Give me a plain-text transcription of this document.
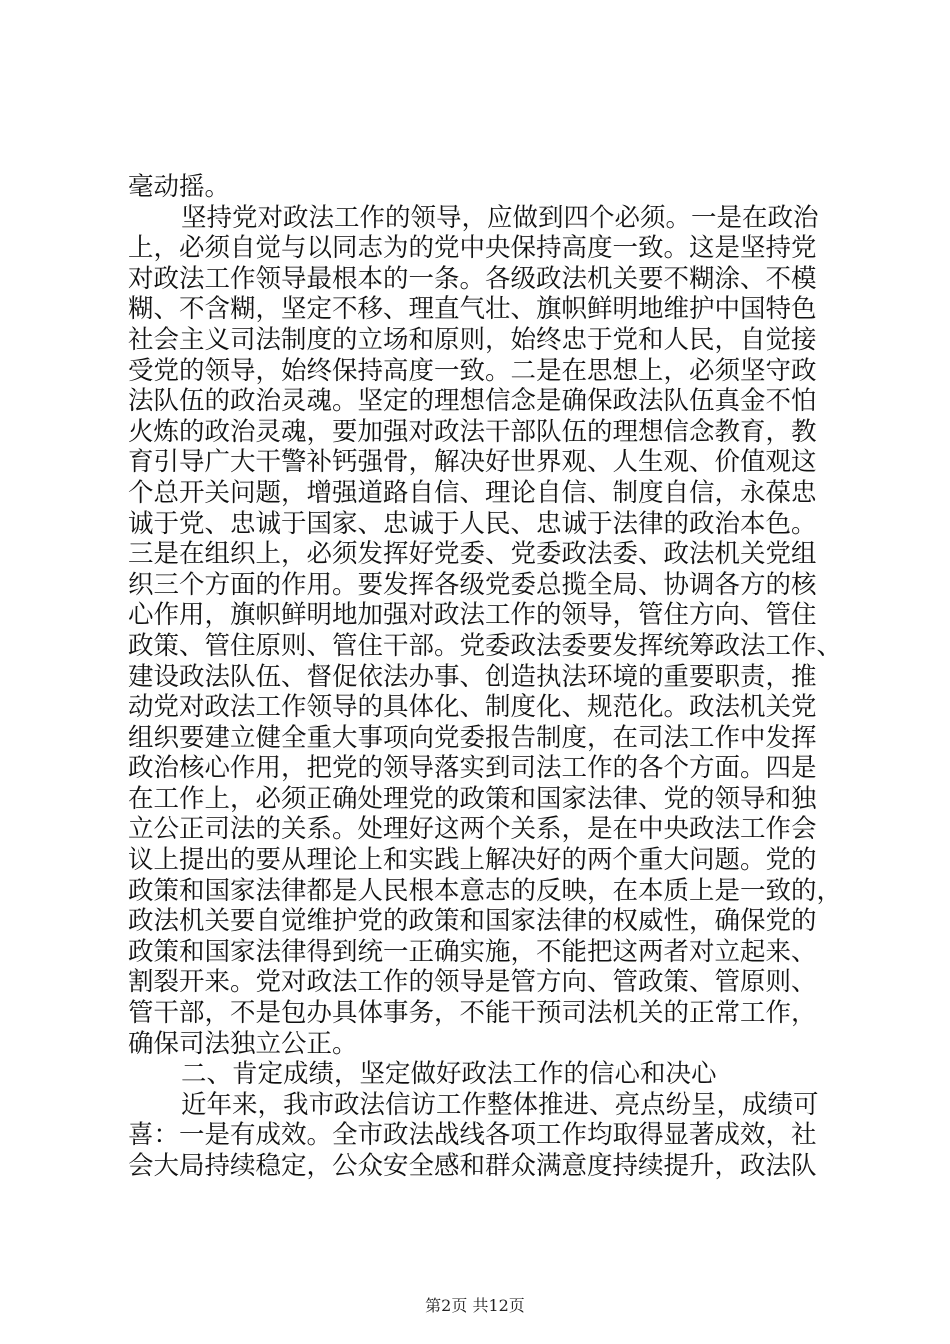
毫动摇。
坚持党对政法工作的领导，应做到四个必须。一是在政治
上，必须自觉与以同志为的党中央保持高度一致。这是坚持党
对政法工作领导最根本的一条。各级政法机关要不糊涂、不模
糊、不含糊，坚定不移、理直气壮、旗帜鲜明地维护中国特色
社会主义司法制度的立场和原则，始终忠于党和人民，自觉接
受党的领导，始终保持高度一致。二是在思想上，必须坚守政
法队伍的政治灵魂。坚定的理想信念是确保政法队伍真金不怕
火炼的政治灵魂，要加强对政法干部队伍的理想信念教育，教
育引导广大干警补钙强骨，解决好世界观、人生观、价值观这
个总开关问题，增强道路自信、理论自信、制度自信，永葆忠
诚于党、忠诚于国家、忠诚于人民、忠诚于法律的政治本色。
三是在组织上，必须发挥好党委、党委政法委、政法机关党组
织三个方面的作用。要发挥各级党委总揽全局、协调各方的核
心作用，旗帜鲜明地加强对政法工作的领导，管住方向、管住
政策、管住原则、管住干部。党委政法委要发挥统筹政法工作、
建设政法队伍、督促依法办事、创造执法环境的重要职责，推
动党对政法工作领导的具体化、制度化、规范化。政法机关党
组织要建立健全重大事项向党委报告制度，在司法工作中发挥
政治核心作用，把党的领导落实到司法工作的各个方面。四是
在工作上，必须正确处理党的政策和国家法律、党的领导和独
立公正司法的关系。处理好这两个关系，是在中央政法工作会
议上提出的要从理论上和实践上解决好的两个重大问题。党的
政策和国家法律都是人民根本意志的反映，在本质上是一致的，
政法机关要自觉维护党的政策和国家法律的权威性，确保党的
政策和国家法律得到统一正确实施，不能把这两者对立起来、
割裂开来。党对政法工作的领导是管方向、管政策、管原则、
管干部，不是包办具体事务，不能干预司法机关的正常工作，
确保司法独立公正。
二、肯定成绩，坚定做好政法工作的信心和决心
近年来，我市政法信访工作整体推进、亮点纷呈，成绩可
喜：一是有成效。全市政法战线各项工作均取得显著成效，社
会大局持续稳定，公众安全感和群众满意度持续提升，政法队
第2页 共12页
